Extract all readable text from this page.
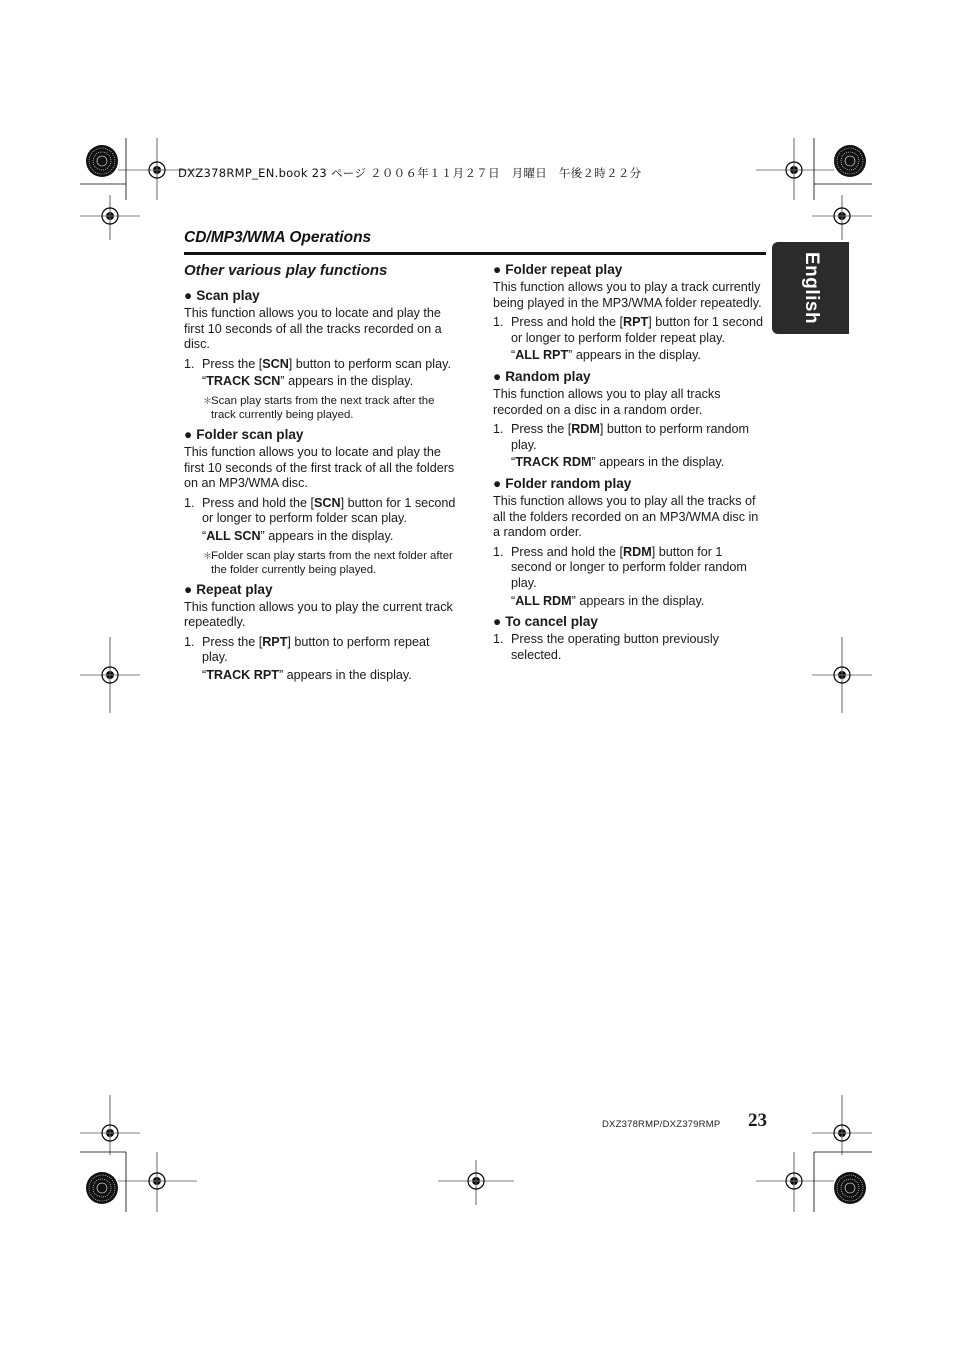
DXZ378RMP_EN.book 23 ページ ２００６年１１月２７日　月曜日　午後２時２２分
CD/MP3/WMA Operations
English
Other various play functions
● Scan play

This function allows you to locate and play the first 10 seconds of all the tracks recorded on a disc.

1. Press the [SCN] button to perform scan play.
“TRACK SCN” appears in the display.
＊
Scan play starts from the next track after the track currently being played.
● Folder scan play

This function allows you to locate and play the first 10 seconds of the first track of all the folders on an MP3/WMA disc.

1. Press and hold the [SCN] button for 1 second or longer to perform folder scan play.
“ALL SCN” appears in the display.
＊
Folder scan play starts from the next folder after the folder currently being played.
● Repeat play

This function allows you to play the current track repeatedly.

1. Press the [RPT] button to perform repeat play.
“TRACK RPT” appears in the display.
● Folder repeat play

This function allows you to play a track currently being played in the MP3/WMA folder repeatedly.

1. Press and hold the [RPT] button for 1 second or longer to perform folder repeat play.
“ALL RPT” appears in the display.
● Random play

This function allows you to play all tracks recorded on a disc in a random order.

1. Press the [RDM] button to perform random play.
“TRACK RDM” appears in the display.
● Folder random play

This function allows you to play all the tracks of all the folders recorded on an MP3/WMA disc in a random order.

1. Press and hold the [RDM] button for 1 second or longer to perform folder random play.
“ALL RDM” appears in the display.
● To cancel play
1. Press the operating button previously selected.
DXZ378RMP/DXZ379RMP 23
